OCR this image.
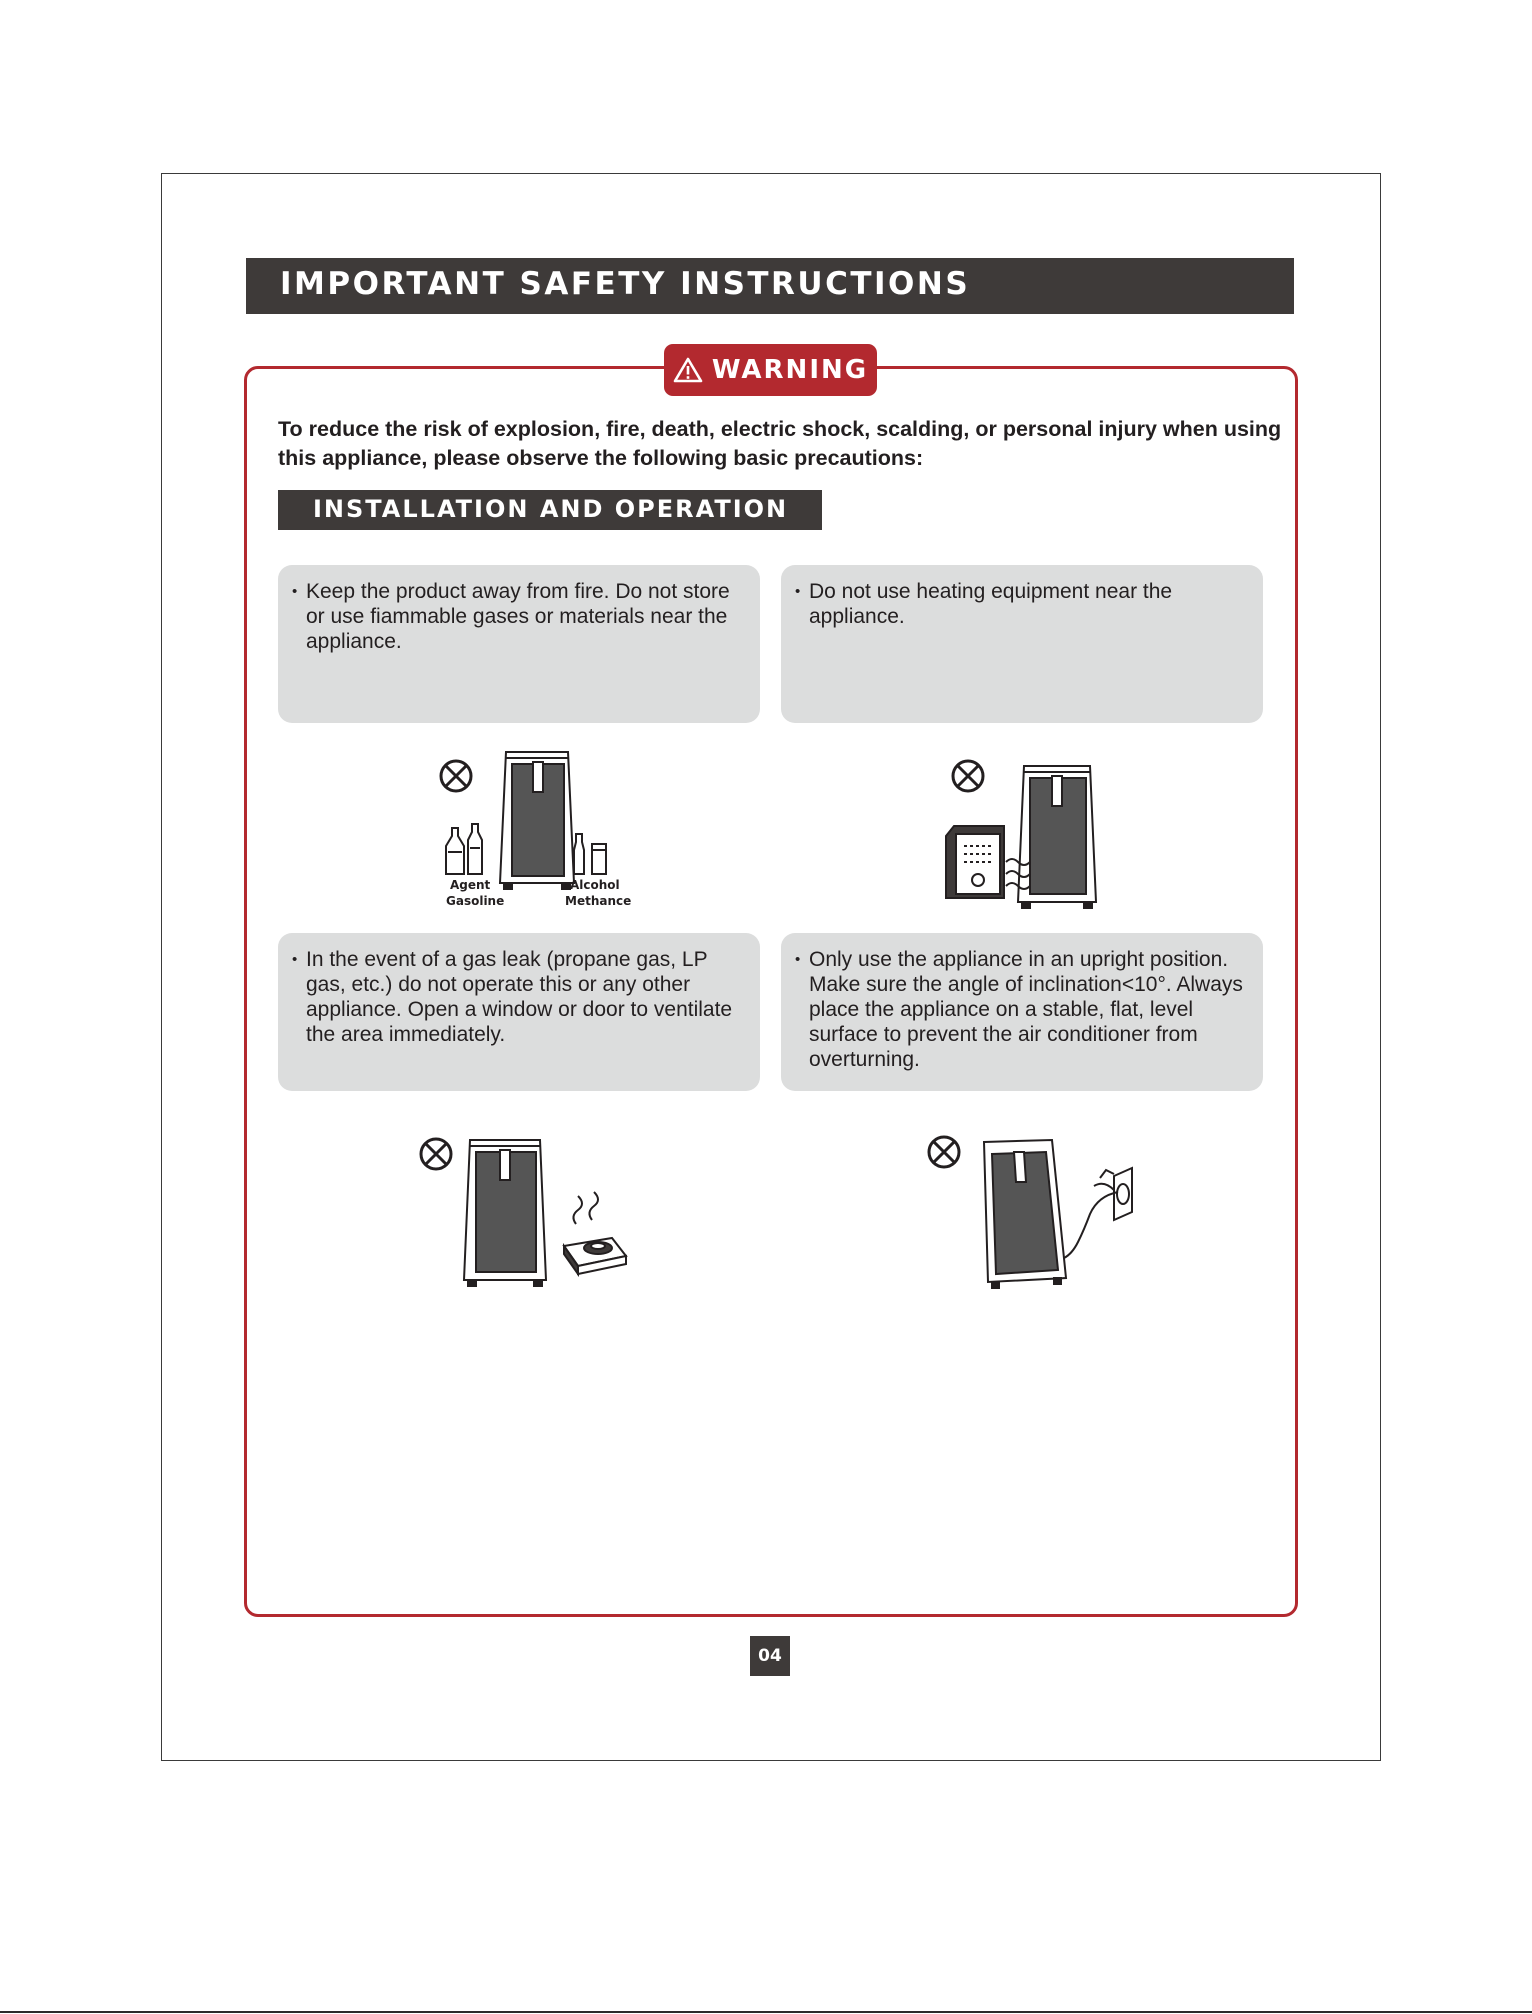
IMPORTANT SAFETY INSTRUCTIONS
WARNING

To reduce the risk of explosion, fire, death, electric shock, scalding, or personal injury when using this appliance, please observe the following basic precautions:

INSTALLATION AND OPERATION

• Keep the product away from fire. Do not store or use fiammable gases or materials near the appliance.

• Do not use heating equipment near the appliance.

• In the event of a gas leak (propane gas, LP gas, etc.) do not operate this or any other appliance. Open a window or door to ventilate the area immediately.

• Only use the appliance in an upright position. Make sure the angle of inclination<10°. Always place the appliance on a stable, flat, level surface to prevent the air conditioner from overturning.

Agent
Gasoline
Alcohol
Methance
04
